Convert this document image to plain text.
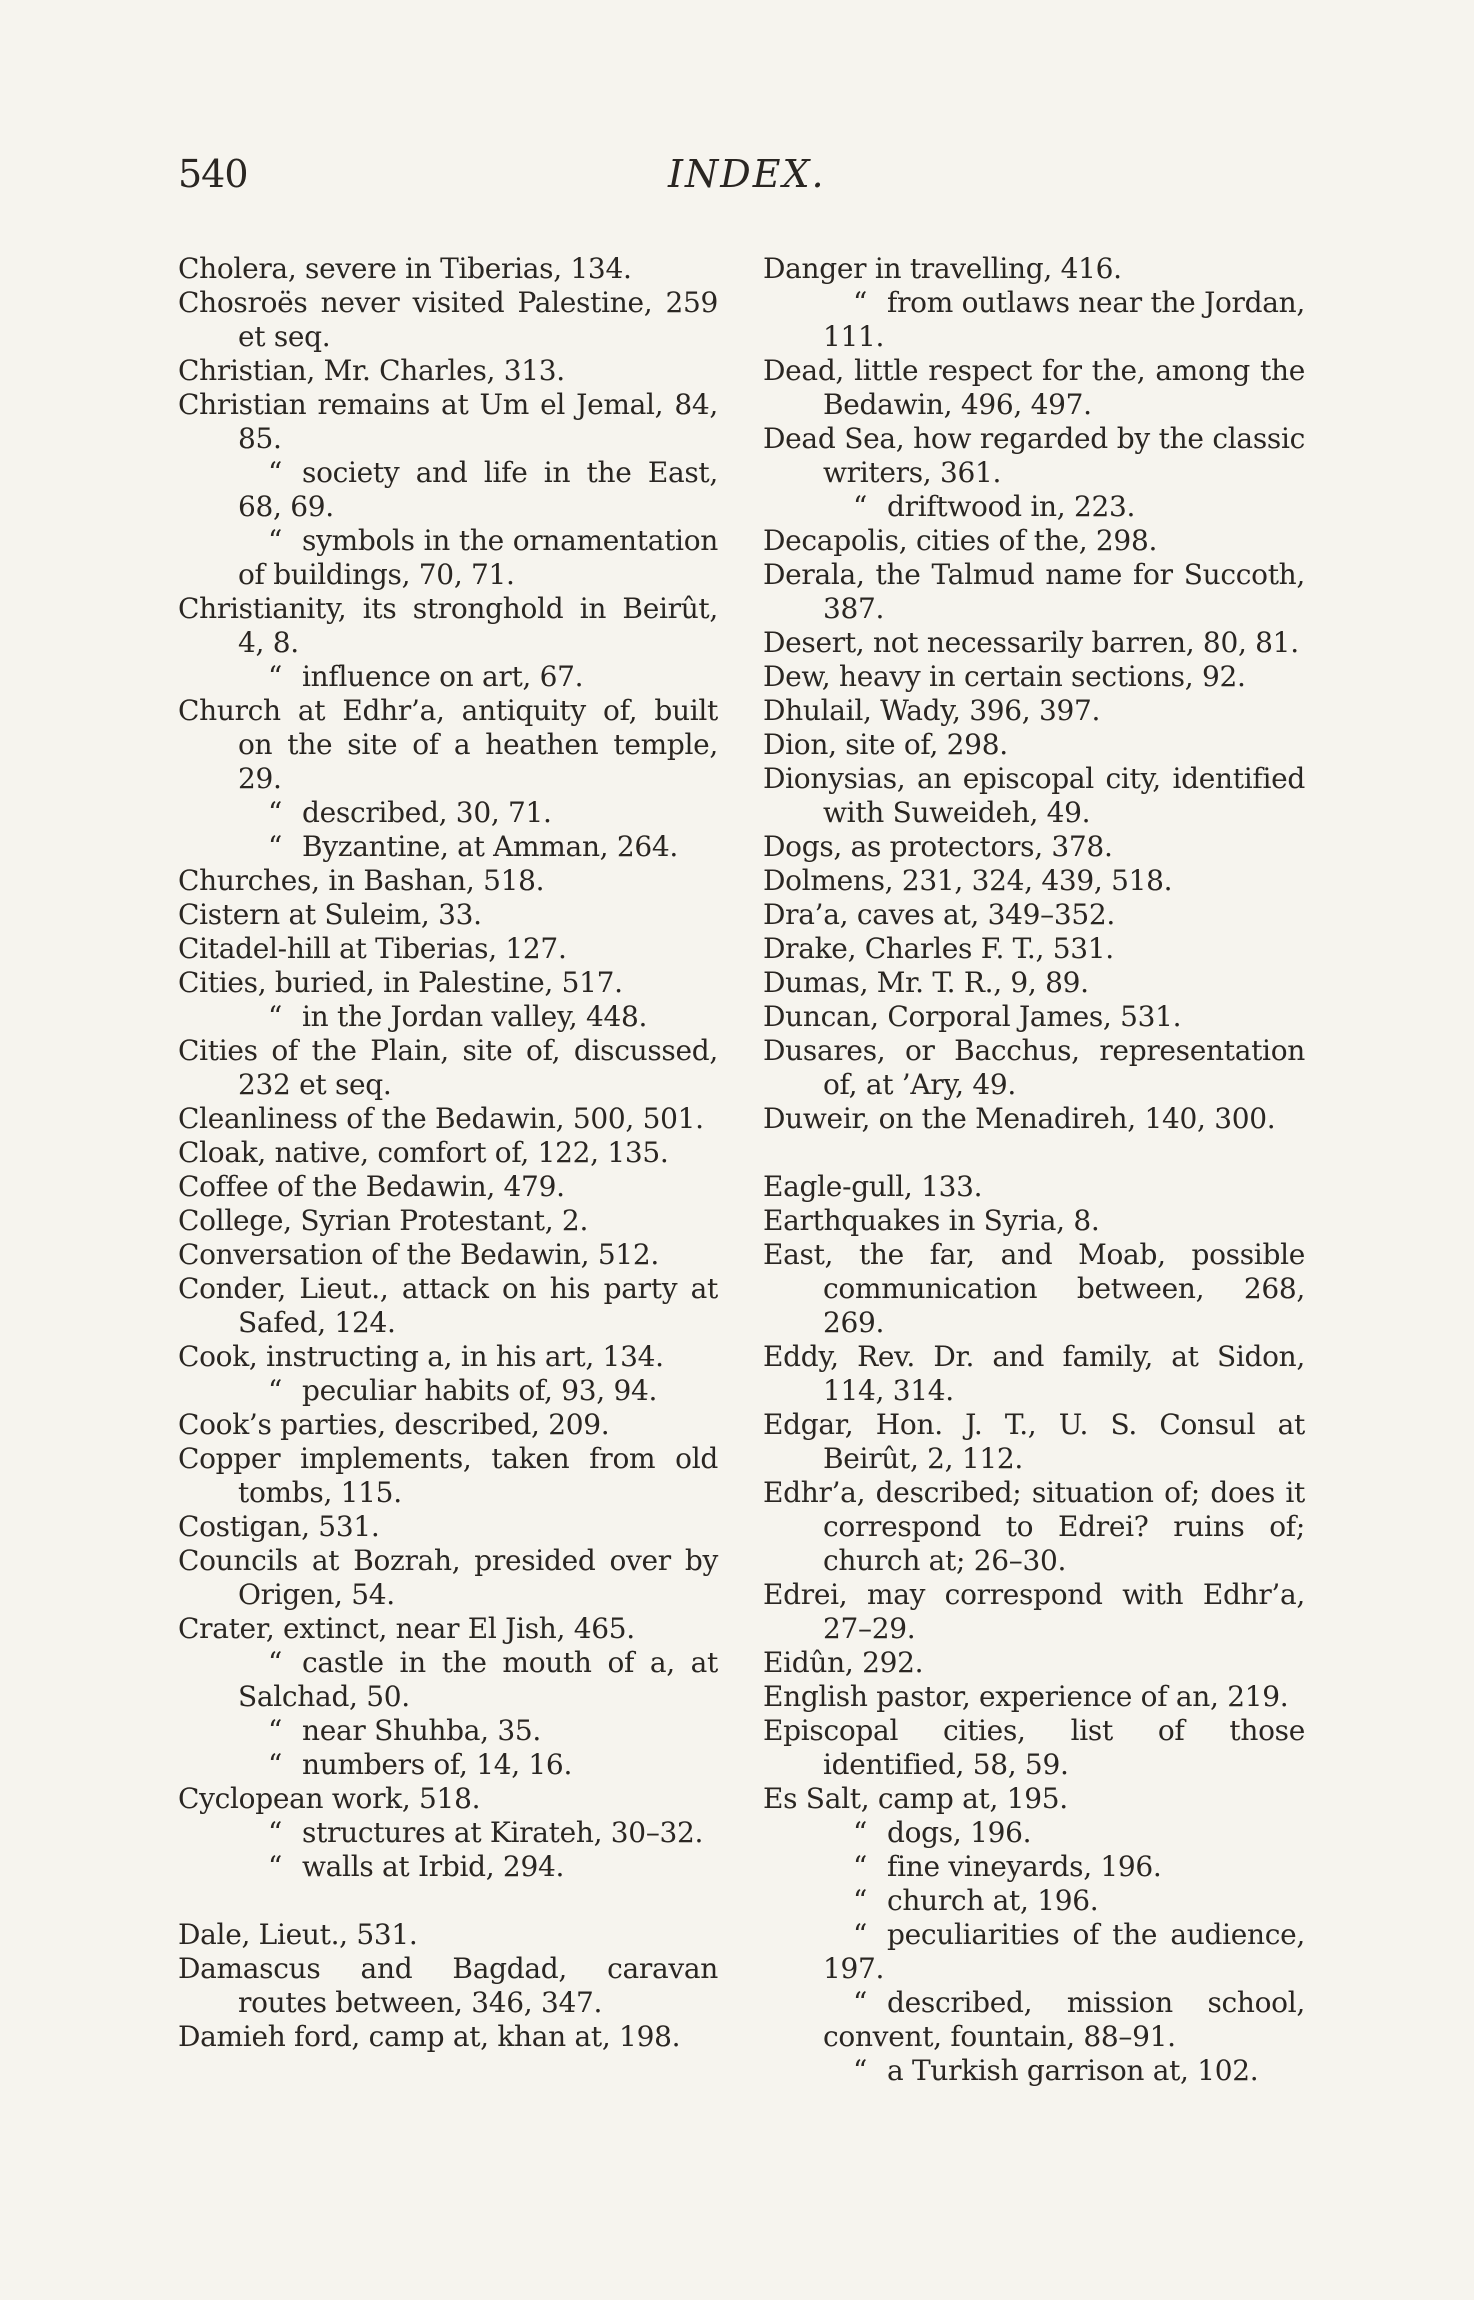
540	INDEX.
Cholera, severe in Tiberias, 134.
Chosroës never visited Palestine, 259 et seq.
Christian, Mr. Charles, 313.
Christian remains at Um el Jemal, 84, 85.
“ society and life in the East, 68, 69.
“ symbols in the ornamentation of buildings, 70, 71.
Christianity, its stronghold in Beirût, 4, 8.
“ influence on art, 67.
Church at Edhr’a, antiquity of, built on the site of a heathen temple, 29.
“ described, 30, 71.
“ Byzantine, at Amman, 264.
Churches, in Bashan, 518.
Cistern at Suleim, 33.
Citadel-hill at Tiberias, 127.
Cities, buried, in Palestine, 517.
“ in the Jordan valley, 448.
Cities of the Plain, site of, discussed, 232 et seq.
Cleanliness of the Bedawin, 500, 501.
Cloak, native, comfort of, 122, 135.
Coffee of the Bedawin, 479.
College, Syrian Protestant, 2.
Conversation of the Bedawin, 512.
Conder, Lieut., attack on his party at Safed, 124.
Cook, instructing a, in his art, 134.
“ peculiar habits of, 93, 94.
Cook’s parties, described, 209.
Copper implements, taken from old tombs, 115.
Costigan, 531.
Councils at Bozrah, presided over by Origen, 54.
Crater, extinct, near El Jish, 465.
“ castle in the mouth of a, at Salchad, 50.
“ near Shuhba, 35.
“ numbers of, 14, 16.
Cyclopean work, 518.
“ structures at Kirateh, 30–32.
“ walls at Irbid, 294.
Dale, Lieut., 531.
Damascus and Bagdad, caravan routes between, 346, 347.
Damieh ford, camp at, khan at, 198.
Danger in travelling, 416.
“ from outlaws near the Jordan, 111.
Dead, little respect for the, among the Bedawin, 496, 497.
Dead Sea, how regarded by the classic writers, 361.
“ driftwood in, 223.
Decapolis, cities of the, 298.
Derala, the Talmud name for Succoth, 387.
Desert, not necessarily barren, 80, 81.
Dew, heavy in certain sections, 92.
Dhulail, Wady, 396, 397.
Dion, site of, 298.
Dionysias, an episcopal city, identified with Suweideh, 49.
Dogs, as protectors, 378.
Dolmens, 231, 324, 439, 518.
Dra’a, caves at, 349–352.
Drake, Charles F. T., 531.
Dumas, Mr. T. R., 9, 89.
Duncan, Corporal James, 531.
Dusares, or Bacchus, representation of, at ’Ary, 49.
Duweir, on the Menadireh, 140, 300.
Eagle-gull, 133.
Earthquakes in Syria, 8.
East, the far, and Moab, possible communication between, 268, 269.
Eddy, Rev. Dr. and family, at Sidon, 114, 314.
Edgar, Hon. J. T., U. S. Consul at Beirût, 2, 112.
Edhr’a, described; situation of; does it correspond to Edrei? ruins of; church at; 26–30.
Edrei, may correspond with Edhr’a, 27–29.
Eidûn, 292.
English pastor, experience of an, 219.
Episcopal cities, list of those identified, 58, 59.
Es Salt, camp at, 195.
“ dogs, 196.
“ fine vineyards, 196.
“ church at, 196.
“ peculiarities of the audience, 197.
“ described, mission school, convent, fountain, 88–91.
“ a Turkish garrison at, 102.
